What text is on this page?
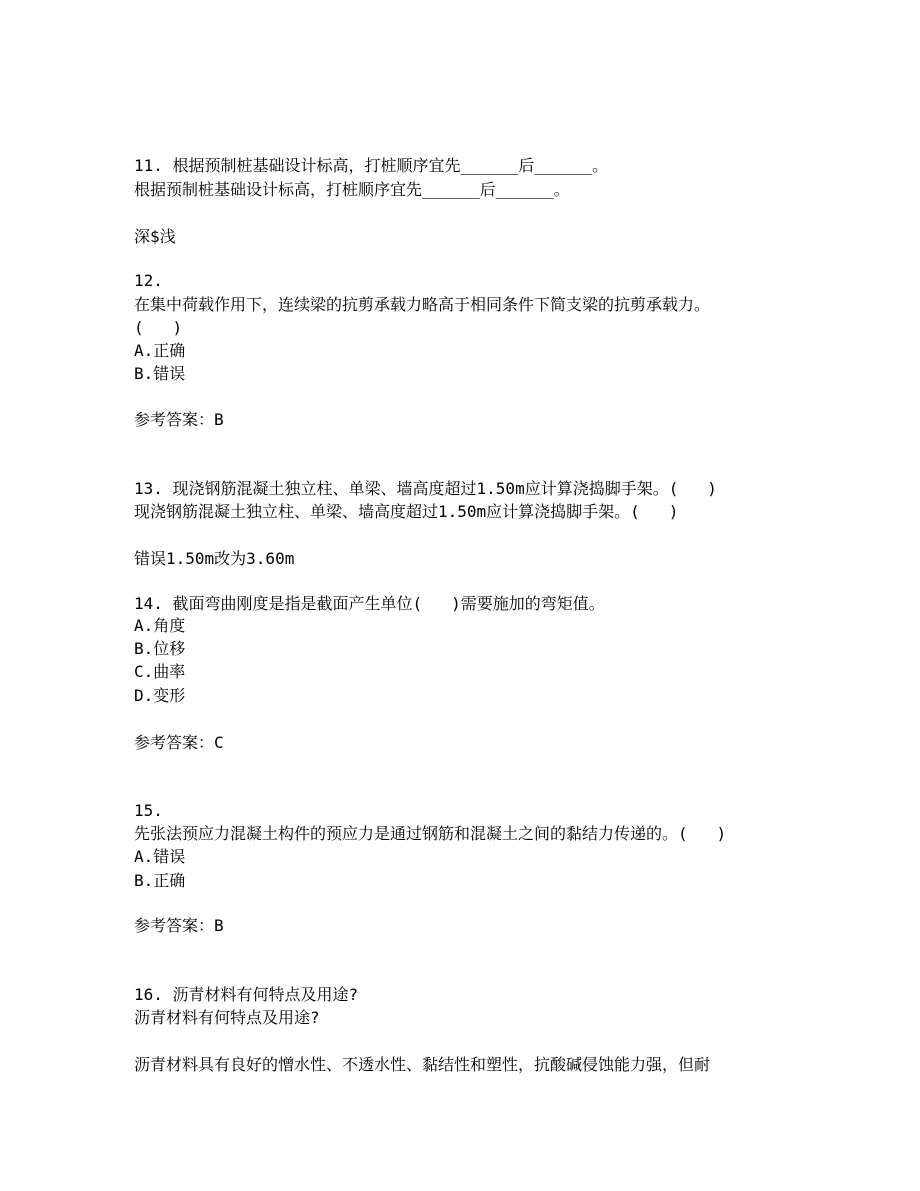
11. 根据预制桩基础设计标高，打桩顺序宜先______后______。
根据预制桩基础设计标高，打桩顺序宜先______后______。
深$浅
12.
在集中荷载作用下，连续梁的抗剪承载力略高于相同条件下简支梁的抗剪承载力。
(   )
A.正确
B.错误
参考答案：B
13. 现浇钢筋混凝土独立柱、单梁、墙高度超过1.50m应计算浇捣脚手架。(   )
现浇钢筋混凝土独立柱、单梁、墙高度超过1.50m应计算浇捣脚手架。(   )
错误1.50m改为3.60m
14. 截面弯曲刚度是指是截面产生单位(   )需要施加的弯矩值。
A.角度
B.位移
C.曲率
D.变形
参考答案：C
15.
先张法预应力混凝土构件的预应力是通过钢筋和混凝土之间的黏结力传递的。(   )
A.错误
B.正确
参考答案：B
16. 沥青材料有何特点及用途?
沥青材料有何特点及用途?
沥青材料具有良好的憎水性、不透水性、黏结性和塑性，抗酸碱侵蚀能力强，但耐
